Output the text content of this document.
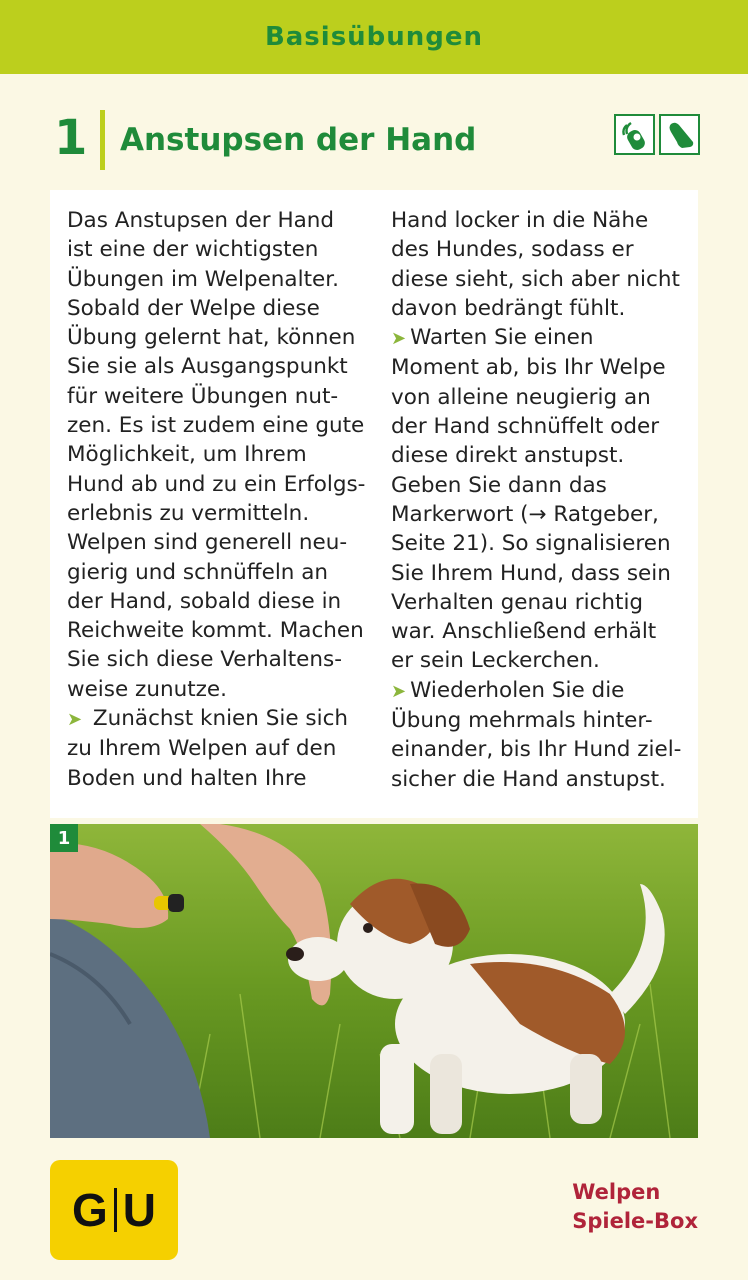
Basisübungen
1 Anstupsen der Hand

Das Anstupsen der Hand
ist eine der wichtigsten
Übungen im Welpenalter.
Sobald der Welpe diese
Übung gelernt hat, können
Sie sie als Ausgangspunkt
für weitere Übungen nut-
zen. Es ist zudem eine gute
Möglichkeit, um Ihrem
Hund ab und zu ein Erfolgs-
erlebnis zu vermitteln.
Welpen sind generell neu-
gierig und schnüffeln an
der Hand, sobald diese in
Reichweite kommt. Machen
Sie sich diese Verhaltens-
weise zunutze.

➤ Zunächst knien Sie sich
zu Ihrem Welpen auf den
Boden und halten Ihre

Hand locker in die Nähe
des Hundes, sodass er
diese sieht, sich aber nicht
davon bedrängt fühlt.

➤ Warten Sie einen
Moment ab, bis Ihr Welpe
von alleine neugierig an
der Hand schnüffelt oder
diese direkt anstupst.
Geben Sie dann das
Markerwort (→ Ratgeber,
Seite 21). So signalisieren
Sie Ihrem Hund, dass sein
Verhalten genau richtig
war. Anschließend erhält
er sein Leckerchen.

➤ Wiederholen Sie die
Übung mehrmals hinter-
einander, bis Ihr Hund ziel-
sicher die Hand anstupst.

1
G U	Welpen
Spiele-Box
